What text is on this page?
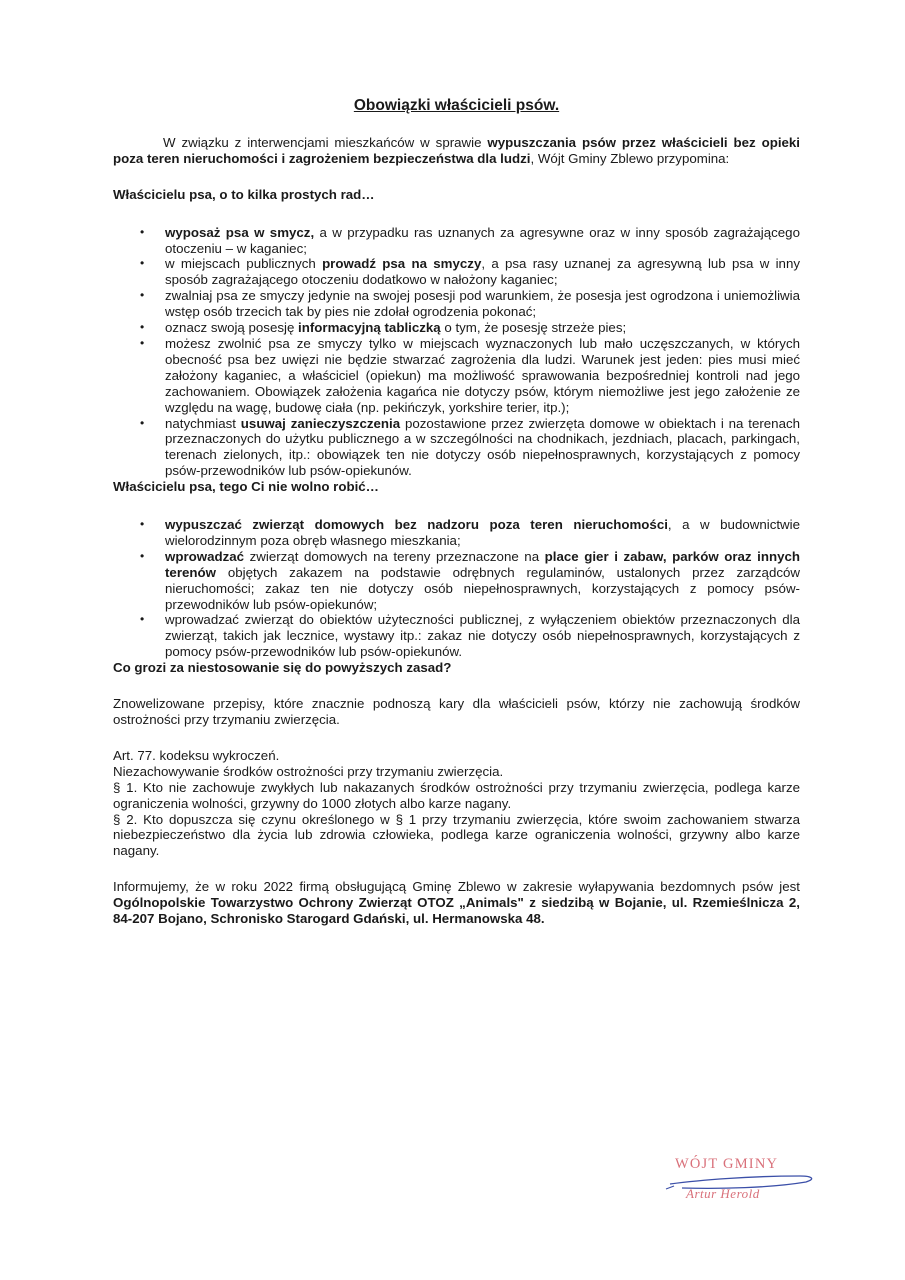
Obowiązki właścicieli psów.

W związku z interwencjami mieszkańców w sprawie wypuszczania psów przez właścicieli bez opieki poza teren nieruchomości i zagrożeniem bezpieczeństwa dla ludzi, Wójt Gminy Zblewo przypomina:

Właścicielu psa, o to kilka prostych rad…

• wyposaż psa w smycz, a w przypadku ras uznanych za agresywne oraz w inny sposób zagrażającego otoczeniu – w kaganiec;
• w miejscach publicznych prowadź psa na smyczy, a psa rasy uznanej za agresywną lub psa w inny sposób zagrażającego otoczeniu dodatkowo w nałożony kaganiec;
• zwalniaj psa ze smyczy jedynie na swojej posesji pod warunkiem, że posesja jest ogrodzona i uniemożliwia wstęp osób trzecich tak by pies nie zdołał ogrodzenia pokonać;
• oznacz swoją posesję informacyjną tabliczką o tym, że posesję strzeże pies;
• możesz zwolnić psa ze smyczy tylko w miejscach wyznaczonych lub mało uczęszczanych, w których obecność psa bez uwięzi nie będzie stwarzać zagrożenia dla ludzi. Warunek jest jeden: pies musi mieć założony kaganiec, a właściciel (opiekun) ma możliwość sprawowania bezpośredniej kontroli nad jego zachowaniem. Obowiązek założenia kagańca nie dotyczy psów, którym niemożliwe jest jego założenie ze względu na wagę, budowę ciała (np. pekińczyk, yorkshire terier, itp.);
• natychmiast usuwaj zanieczyszczenia pozostawione przez zwierzęta domowe w obiektach i na terenach przeznaczonych do użytku publicznego a w szczególności na chodnikach, jezdniach, placach, parkingach, terenach zielonych, itp.: obowiązek ten nie dotyczy osób niepełnosprawnych, korzystających z pomocy psów-przewodników lub psów-opiekunów.

Właścicielu psa, tego Ci nie wolno robić…

• wypuszczać zwierząt domowych bez nadzoru poza teren nieruchomości, a w budownictwie wielorodzinnym poza obręb własnego mieszkania;
• wprowadzać zwierząt domowych na tereny przeznaczone na place gier i zabaw, parków oraz innych terenów objętych zakazem na podstawie odrębnych regulaminów, ustalonych przez zarządców nieruchomości; zakaz ten nie dotyczy osób niepełnosprawnych, korzystających z pomocy psów-przewodników lub psów-opiekunów;
• wprowadzać zwierząt do obiektów użyteczności publicznej, z wyłączeniem obiektów przeznaczonych dla zwierząt, takich jak lecznice, wystawy itp.: zakaz nie dotyczy osób niepełnosprawnych, korzystających z pomocy psów-przewodników lub psów-opiekunów.

Co grozi za niestosowanie się do powyższych zasad?

Znowelizowane przepisy, które znacznie podnoszą kary dla właścicieli psów, którzy nie zachowują środków ostrożności przy trzymaniu zwierzęcia.

Art. 77. kodeksu wykroczeń.

Niezachowywanie środków ostrożności przy trzymaniu zwierzęcia.

§ 1. Kto nie zachowuje zwykłych lub nakazanych środków ostrożności przy trzymaniu zwierzęcia, podlega karze ograniczenia wolności, grzywny do 1000 złotych albo karze nagany.

§ 2. Kto dopuszcza się czynu określonego w § 1 przy trzymaniu zwierzęcia, które swoim zachowaniem stwarza niebezpieczeństwo dla życia lub zdrowia człowieka, podlega karze ograniczenia wolności, grzywny albo karze nagany.

Informujemy, że w roku 2022 firmą obsługującą Gminę Zblewo w zakresie wyłapywania bezdomnych psów jest Ogólnopolskie Towarzystwo Ochrony Zwierząt OTOZ „Animals" z siedzibą w Bojanie, ul. Rzemieślnicza 2, 84-207 Bojano, Schronisko Starogard Gdański, ul. Hermanowska 48.

WÓJT GMINY
Artur Herold
